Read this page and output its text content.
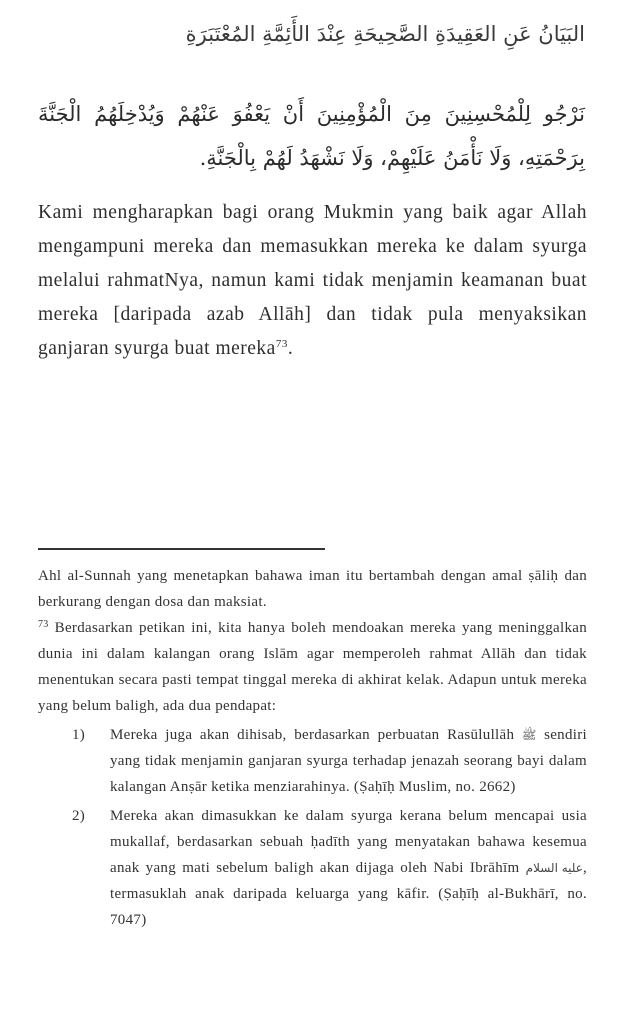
البَيَانُ عَنِ العَقِيدَةِ الصَّحِيحَةِ عِنْدَ الأَئِمَّةِ المُعْتَبَرَةِ
نَرْجُو لِلْمُحْسِنِينَ مِنَ الْمُؤْمِنِينَ أَنْ يَعْفُوَ عَنْهُمْ وَيُدْخِلَهُمُ الْجَنَّةَ بِرَحْمَتِهِ، وَلَا نَأْمَنُ عَلَيْهِمْ، وَلَا نَشْهَدُ لَهُمْ بِالْجَنَّةِ.
Kami mengharapkan bagi orang Mukmin yang baik agar Allah mengampuni mereka dan memasukkan mereka ke dalam syurga melalui rahmatNya, namun kami tidak menjamin keamanan buat mereka [daripada azab Allāh] dan tidak pula menyaksikan ganjaran syurga buat mereka$^{73}$.

Ahl al-Sunnah yang menetapkan bahawa iman itu bertambah dengan amal ṣāliḥ dan berkurang dengan dosa dan maksiat.

$^{73}$ Berdasarkan petikan ini, kita hanya boleh mendoakan mereka yang meninggalkan dunia ini dalam kalangan orang Islām agar memperoleh rahmat Allāh dan tidak menentukan secara pasti tempat tinggal mereka di akhirat kelak. Adapun untuk mereka yang belum baligh, ada dua pendapat:

1) Mereka juga akan dihisab, berdasarkan perbuatan Rasūlullāh ﷺ sendiri yang tidak menjamin ganjaran syurga terhadap jenazah seorang bayi dalam kalangan Anṣār ketika menziarahinya. (Ṣaḥīḥ Muslim, no. 2662)
2) Mereka akan dimasukkan ke dalam syurga kerana belum mencapai usia mukallaf, berdasarkan sebuah ḥadīth yang menyatakan bahawa kesemua anak yang mati sebelum baligh akan dijaga oleh Nabi Ibrāhīm عليه السلام, termasuklah anak daripada keluarga yang kāfir. (Ṣaḥīḥ al-Bukhārī, no. 7047)
